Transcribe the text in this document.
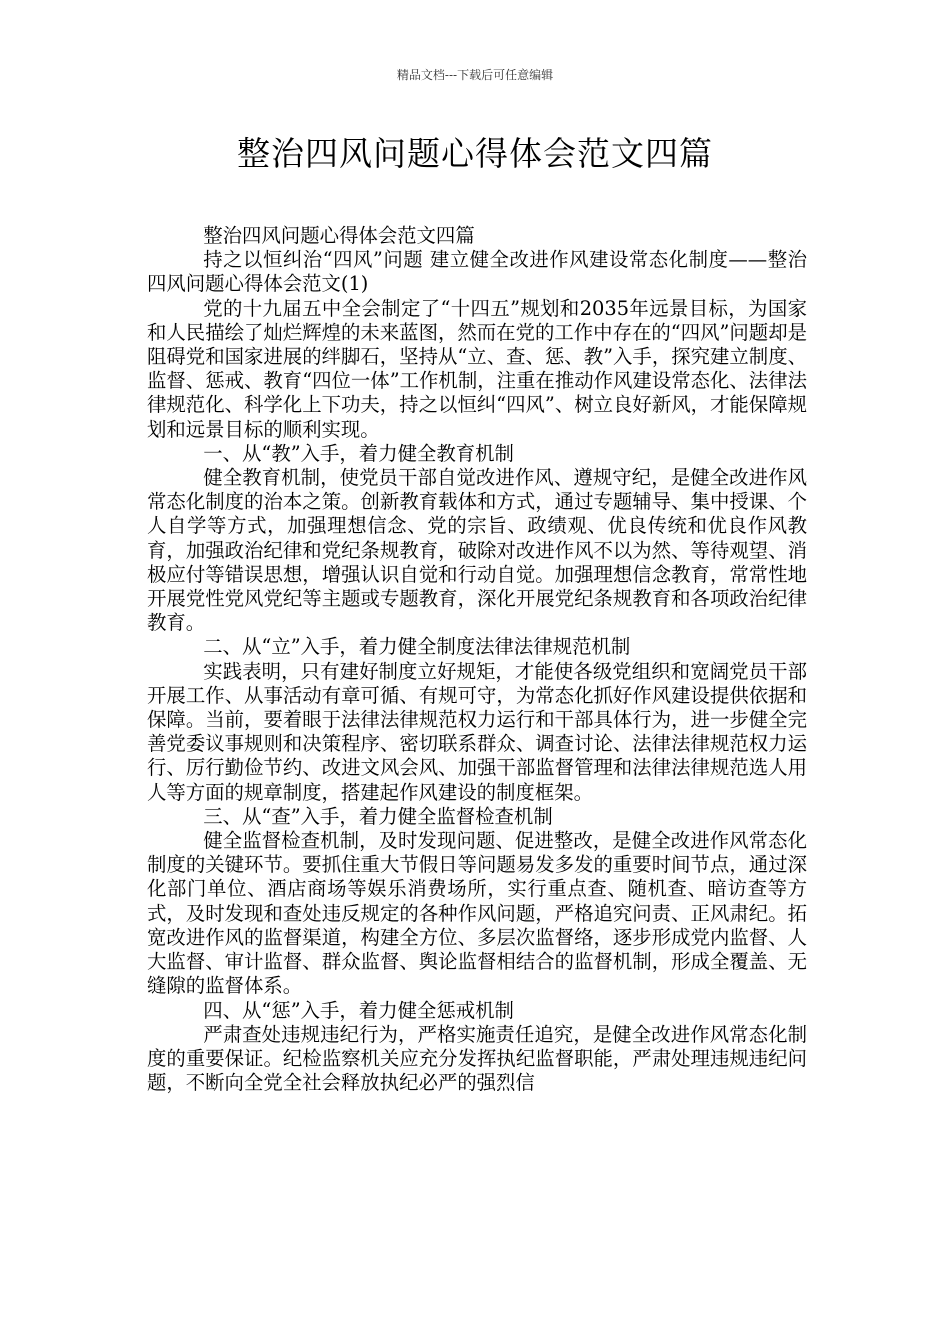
精品文档---下载后可任意编辑
整治四风问题心得体会范文四篇

整治四风问题心得体会范文四篇

持之以恒纠治“四风”问题 建立健全改进作风建设常态化制度——整治四风问题心得体会范文(1)

党的十九届五中全会制定了“十四五”规划和2035年远景目标，为国家和人民描绘了灿烂辉煌的未来蓝图，然而在党的工作中存在的“四风”问题却是阻碍党和国家进展的绊脚石，坚持从“立、查、惩、教”入手，探究建立制度、监督、惩戒、教育“四位一体”工作机制，注重在推动作风建设常态化、法律法律规范化、科学化上下功夫，持之以恒纠“四风”、树立良好新风，才能保障规划和远景目标的顺利实现。

一、从“教”入手，着力健全教育机制

健全教育机制，使党员干部自觉改进作风、遵规守纪，是健全改进作风常态化制度的治本之策。创新教育载体和方式，通过专题辅导、集中授课、个人自学等方式，加强理想信念、党的宗旨、政绩观、优良传统和优良作风教育，加强政治纪律和党纪条规教育，破除对改进作风不以为然、等待观望、消极应付等错误思想，增强认识自觉和行动自觉。加强理想信念教育，常常性地开展党性党风党纪等主题或专题教育，深化开展党纪条规教育和各项政治纪律教育。

二、从“立”入手，着力健全制度法律法律规范机制

实践表明，只有建好制度立好规矩，才能使各级党组织和宽阔党员干部开展工作、从事活动有章可循、有规可守，为常态化抓好作风建设提供依据和保障。当前，要着眼于法律法律规范权力运行和干部具体行为，进一步健全完善党委议事规则和决策程序、密切联系群众、调查讨论、法律法律规范权力运行、厉行勤俭节约、改进文风会风、加强干部监督管理和法律法律规范选人用人等方面的规章制度，搭建起作风建设的制度框架。

三、从“查”入手，着力健全监督检查机制

健全监督检查机制，及时发现问题、促进整改，是健全改进作风常态化制度的关键环节。要抓住重大节假日等问题易发多发的重要时间节点，通过深化部门单位、酒店商场等娱乐消费场所，实行重点查、随机查、暗访查等方式，及时发现和查处违反规定的各种作风问题，严格追究问责、正风肃纪。拓宽改进作风的监督渠道，构建全方位、多层次监督络，逐步形成党内监督、人大监督、审计监督、群众监督、舆论监督相结合的监督机制，形成全覆盖、无缝隙的监督体系。

四、从“惩”入手，着力健全惩戒机制

严肃查处违规违纪行为，严格实施责任追究，是健全改进作风常态化制度的重要保证。纪检监察机关应充分发挥执纪监督职能，严肃处理违规违纪问题，不断向全党全社会释放执纪必严的强烈信
